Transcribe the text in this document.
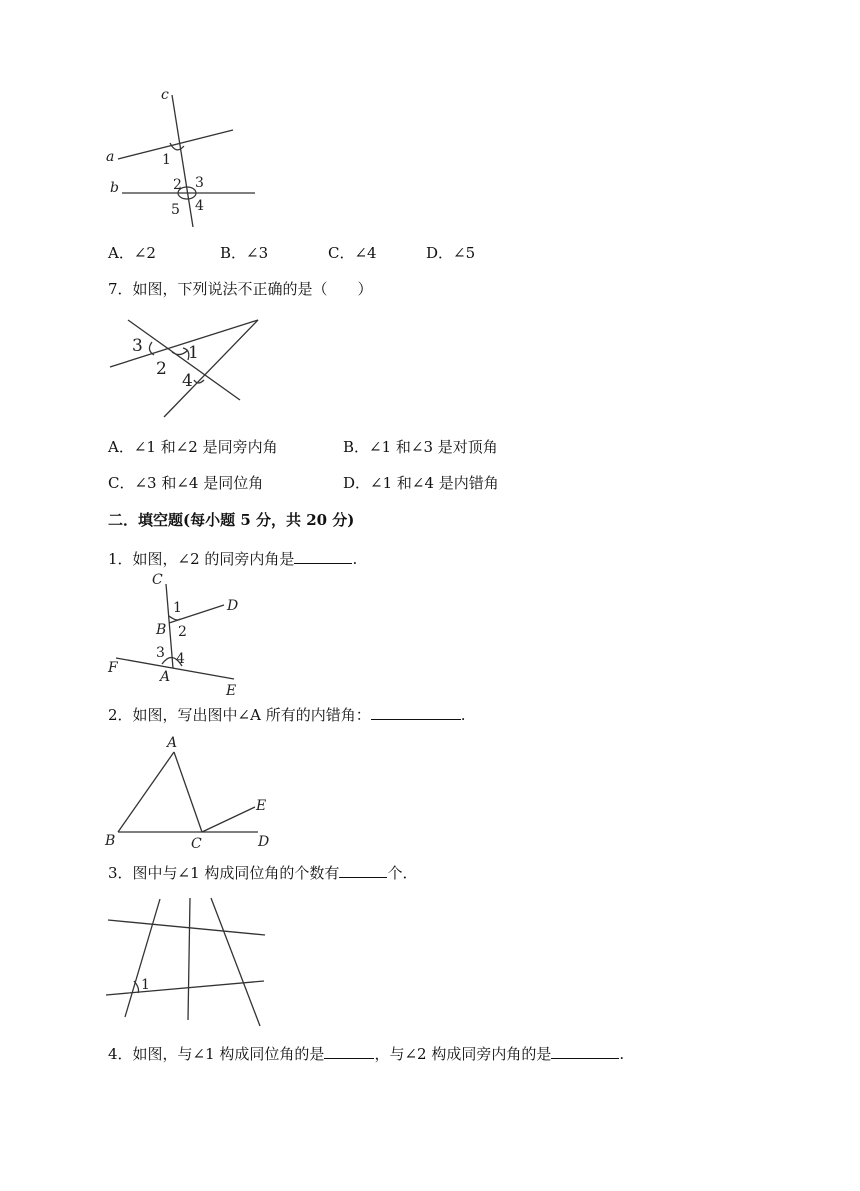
c
a
b
1
2 3
4
5
A．∠2	B．∠3	C．∠4	D．∠5
7．如图，下列说法不正确的是（　　）
3	1
2
4
A．∠1 和∠2 是同旁内角	B．∠1 和∠3 是对顶角
C．∠3 和∠4 是同位角	D．∠1 和∠4 是内错角
二．填空题(每小题 5 分，共 20 分)
1．如图，∠2 的同旁内角是	.
C
D
B
F
A
E
1
2
3 4
2．如图，写出图中∠A 所有的内错角：	.
A
B	C	D
E
3．图中与∠1 构成同位角的个数有	个．
1
4．如图，与∠1 构成同位角的是	，与∠2 构成同旁内角的是	.
